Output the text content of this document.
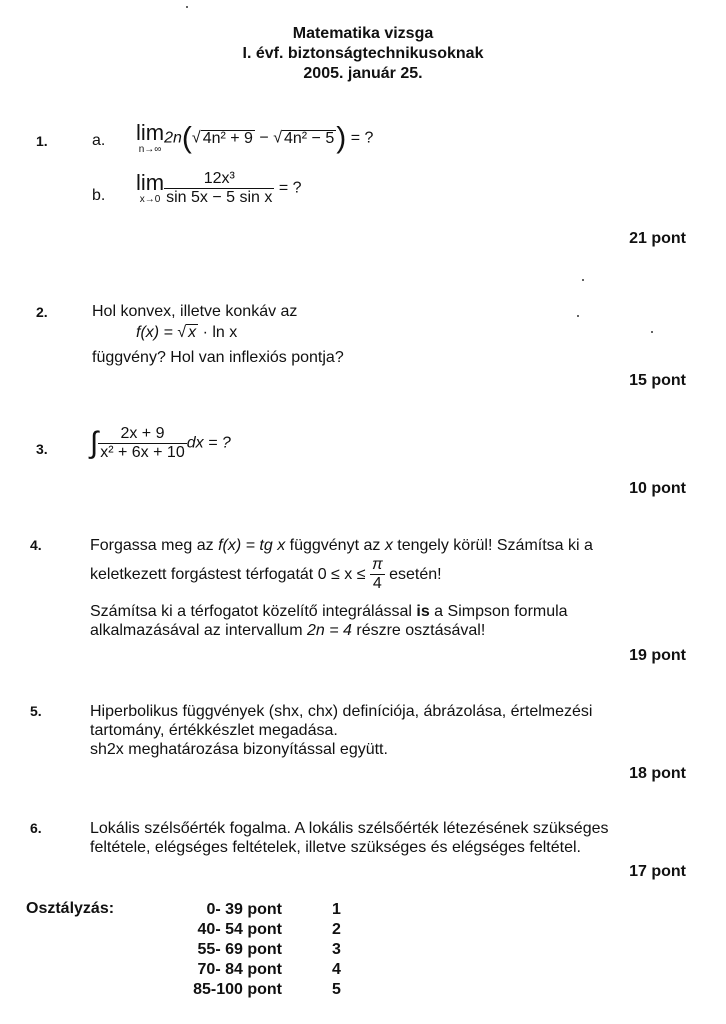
Matematika vizsga
I. évf. biztonságtechnikusoknak
2005. január 25.
1.	a. lim
n→∞
2n(√ 4n² + 9 − √ 4n² − 5) = ?
b.
lim
$x\to 0 \frac{\text{12x³}}{\text{sin 5x − 5 sin x}}$ = ?
21 pont
2.	Hol konvex, illetve konkáv az
f(x) = √ x · ln x
függvény? Hol van inflexiós pontja?
15 pont
3. ∫ $\frac{2x + 9}{\text{x² + 6x + 10}}$ dx = ?
10 pont
4.	Forgassa meg az f(x) = tg x függvényt az x tengely körül! Számítsa ki a
keletkezett forgástest térfogatát $0 \le x \le \frac{\pi}{4}$ esetén!
Számítsa ki a térfogatot közelítő integrálással is a Simpson formula
alkalmazásával az intervallum 2n = 4 részre osztásával!
19 pont
5.	Hiperbolikus függvények (shx, chx) definíciója, ábrázolása, értelmezési
tartomány, értékkészlet megadása.
sh2x meghatározása bizonyítással együtt.
18 pont
6.	Lokális szélsőérték fogalma. A lokális szélsőérték létezésének szükséges
feltétele, elégséges feltételek, illetve szükséges és elégséges feltétel.
17 pont
Osztályzás:	0- 39 pont	1
40- 54 pont	2
55- 69 pont	3
70- 84 pont	4
85-100 pont	5
